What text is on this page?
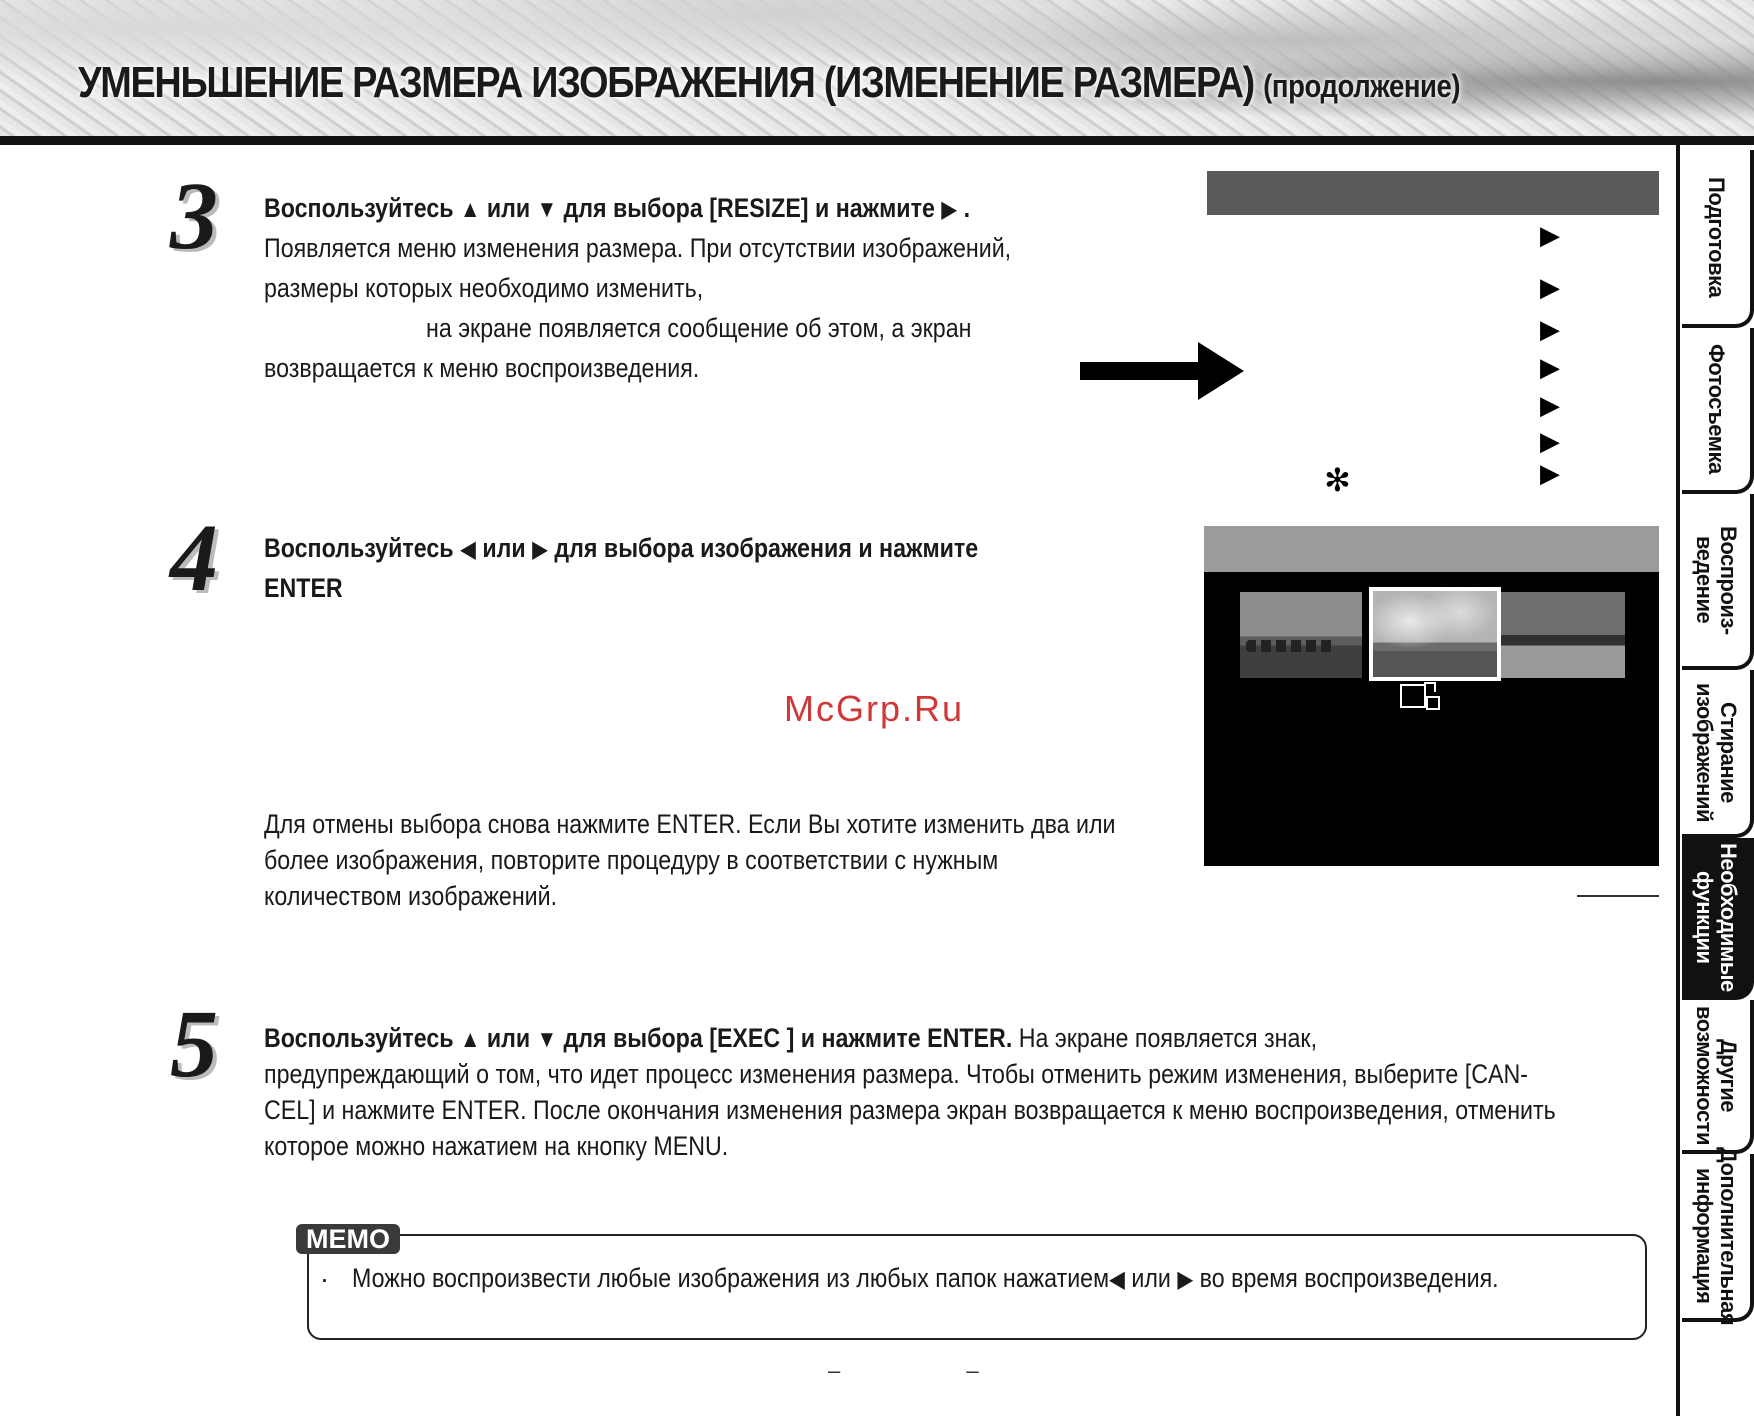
УМЕНЬШЕНИЕ РАЗМЕРА ИЗОБРАЖЕНИЯ (ИЗМЕНЕНИЕ РАЗМЕРА) (продолжение)
3 Воспользуйтесь ▲ или ▼ для выбора [RESIZE] и нажмите ▶ .

Появляется меню изменения размера. При отсутствии изображений,

размеры которых необходимо изменить,

на экране появляется сообщение об этом, а экран

возвращается к меню воспроизведения.

▶
▶
▶
▶
▶
▶
▶
✻
4 Воспользуйтесь ◀ или ▶ для выбора изображения и нажмите

ENTER

McGrp.Ru

Для отмены выбора снова нажмите ENTER. Если Вы хотите изменить два или

более изображения, повторите процедуру в соответствии с нужным

количеством изображений.

5 Воспользуйтесь ▲ или ▼ для выбора [EXEC ] и нажмите ENTER. На экране появляется знак,

предупреждающий о том, что идет процесс изменения размера. Чтобы отменить режим изменения, выберите [CAN-

CEL] и нажмите ENTER. После окончания изменения размера экран возвращается к меню воспроизведения, отменить

которое можно нажатием на кнопку MENU.

MEMO
· Можно воспроизвести любые изображения из любых папок нажатием◀ или ▶ во время воспроизведения.

– –
Подготовка
Фотосъемка
Воспроиз-
ведение
Стирание
изображений
Необходимые
функции
Другие
возможности
Дополнительная
информация
